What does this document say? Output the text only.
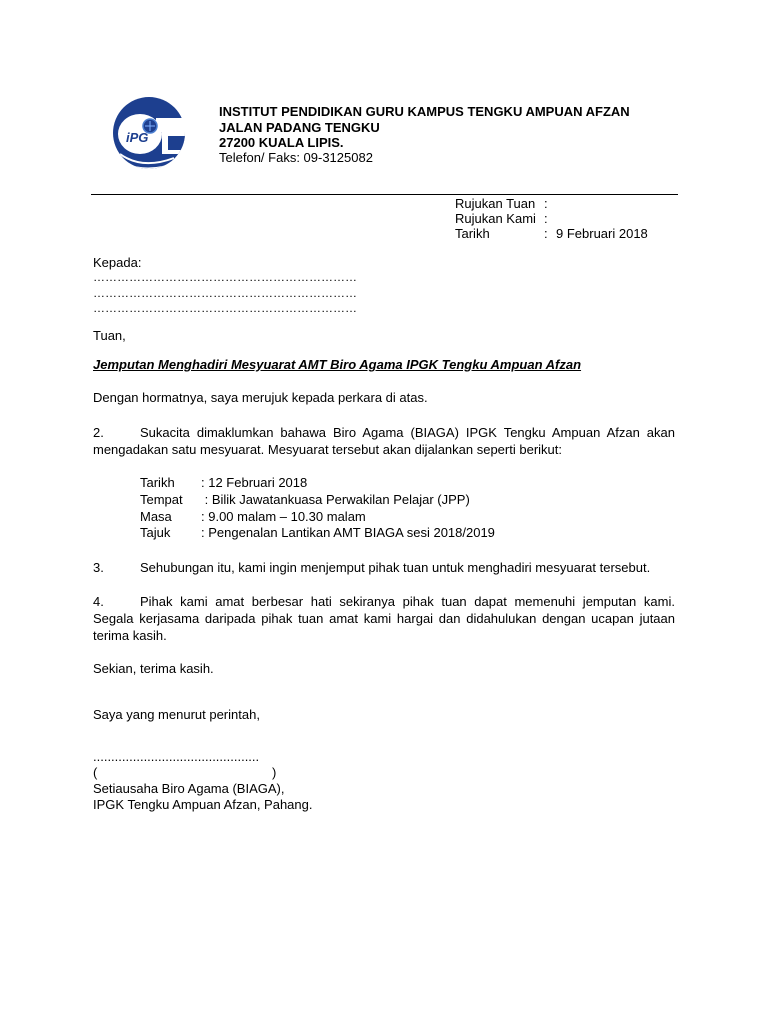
iPG
INSTITUT PENDIDIKAN GURU KAMPUS TENGKU AMPUAN AFZAN
JALAN PADANG TENGKU
27200 KUALA LIPIS.
Telefon/ Faks: 09-3125082
Rujukan Tuan :
Rujukan Kami :
Tarikh	: 9 Februari 2018
Kepada:
…………………………………………………………
…………………………………………………………
…………………………………………………………
Tuan,
Jemputan Menghadiri Mesyuarat AMT Biro Agama IPGK Tengku Ampuan Afzan
Dengan hormatnya, saya merujuk kepada perkara di atas.
2.	Sukacita dimaklumkan bahawa Biro Agama (BIAGA) IPGK Tengku Ampuan Afzan akan
mengadakan satu mesyuarat. Mesyuarat tersebut akan dijalankan seperti berikut:
Tarikh : 12 Februari 2018
Tempat : Bilik Jawatankuasa Perwakilan Pelajar (JPP)
Masa : 9.00 malam – 10.30 malam
Tajuk : Pengenalan Lantikan AMT BIAGA sesi 2018/2019
3.	Sehubungan itu, kami ingin menjemput pihak tuan untuk menghadiri mesyuarat tersebut.
4.	Pihak kami amat berbesar hati sekiranya pihak tuan dapat memenuhi jemputan kami.
Segala kerjasama daripada pihak tuan amat kami hargai dan didahulukan dengan ucapan jutaan
terima kasih.
Sekian, terima kasih.
Saya yang menurut perintah,
..............................................
(	)
Setiausaha Biro Agama (BIAGA),
IPGK Tengku Ampuan Afzan, Pahang.
